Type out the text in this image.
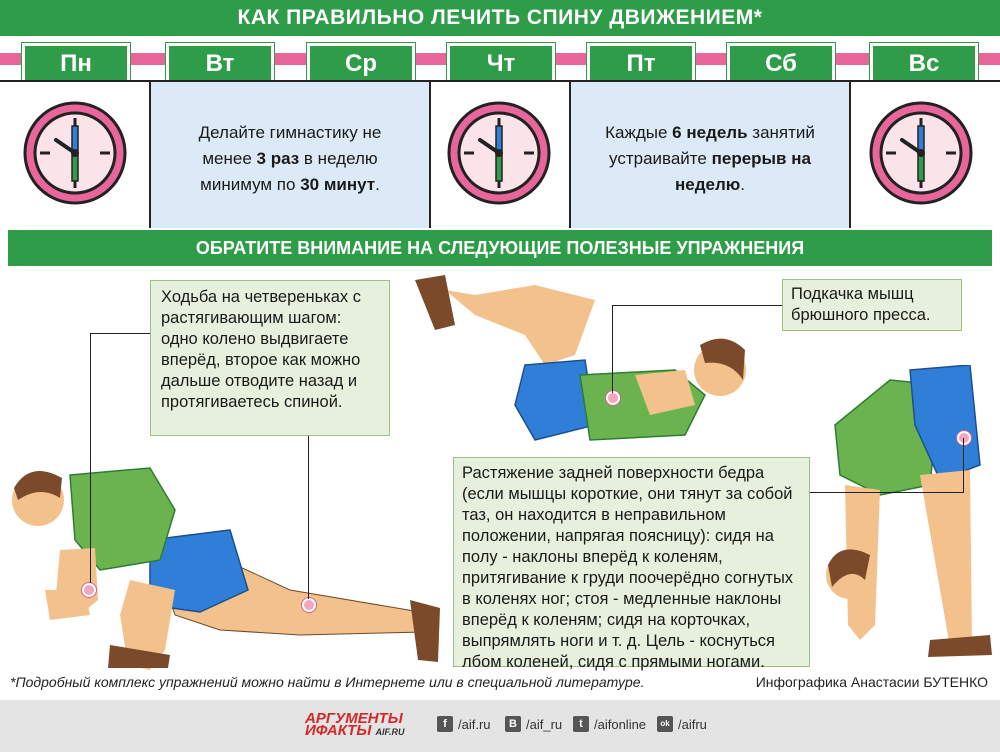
КАК ПРАВИЛЬНО ЛЕЧИТЬ СПИНУ ДВИЖЕНИЕМ*
Пн	Вт	Ср	Чт	Пт	Сб	Вс
Делайте гимнастику не менее 3 раз в неделю минимум по 30 минут.
Каждые 6 недель занятий устраивайте перерыв на неделю.
ОБРАТИТЕ ВНИМАНИЕ НА СЛЕДУЮЩИЕ ПОЛЕЗНЫЕ УПРАЖНЕНИЯ
Ходьба на четвереньках с растягивающим шагом: одно колено выдвигаете вперёд, второе как можно дальше отводите назад и протягиваетесь спиной.
Подкачка мышц брюшного пресса.
Растяжение задней поверхности бедра (если мышцы короткие, они тянут за собой таз, он находится в неправильном положении, напрягая поясницу): сидя на полу - наклоны вперёд к коленям, притягивание к груди поочерёдно согнутых в коленях ног; стоя - медленные наклоны вперёд к коленям; сидя на корточках, выпрямлять ноги и т. д. Цель - коснуться лбом коленей, сидя с прямыми ногами.
*Подробный комплекс упражнений можно найти в Интернете или в специальной литературе.	Инфографика Анастасии БУТЕНКО
АРГУМЕНТЫ
ИФАКТЫ AIF.RU
f /aif.ru	B /aif_ru	t /aifonline	ok /aifru
